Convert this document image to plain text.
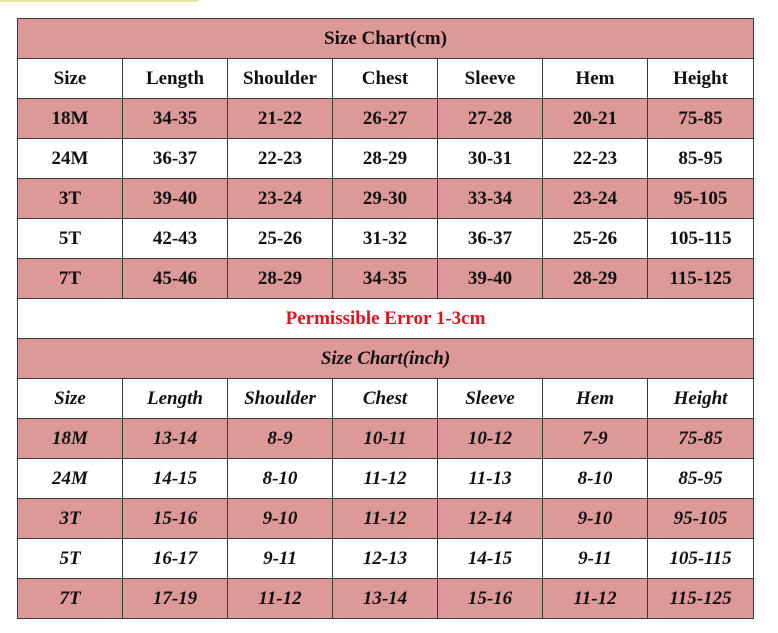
Size Chart(cm)						
Size	Length	Shoulder	Chest	Sleeve	Hem	Height
18M	34-35	21-22	26-27	27-28	20-21	75-85
24M	36-37	22-23	28-29	30-31	22-23	85-95
3T	39-40	23-24	29-30	33-34	23-24	95-105
5T	42-43	25-26	31-32	36-37	25-26	105-115
7T	45-46	28-29	34-35	39-40	28-29	115-125
Permissible Error 1-3cm						
Size Chart(inch)						
Size	Length	Shoulder	Chest	Sleeve	Hem	Height
18M	13-14	8-9	10-11	10-12	7-9	75-85
24M	14-15	8-10	11-12	11-13	8-10	85-95
3T	15-16	9-10	11-12	12-14	9-10	95-105
5T	16-17	9-11	12-13	14-15	9-11	105-115
7T	17-19	11-12	13-14	15-16	11-12	115-125
